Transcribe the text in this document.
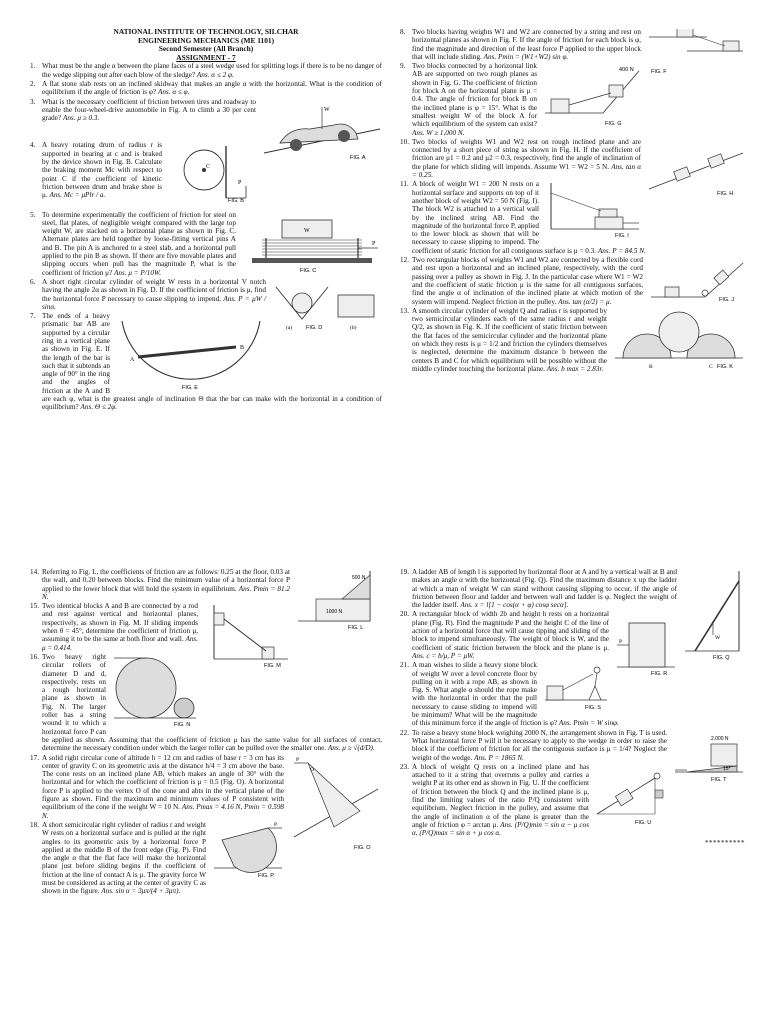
NATIONAL INSTITUTE OF TECHNOLOGY, SILCHAR
ENGINEERING MECHANICS (ME 1101)
Second Semester (All Branch)
ASSIGNMENT - 7
1. What must be the angle α between the plane faces of a steel wedge used for splitting logs if there is to be no danger of the wedge slipping out after each blow of the sledge? Ans. α ≤ 2 φ.
2. A flat stone slab rests on an inclined skidway that makes an angle α with the horizontal. What is the condition of equilibrium if the angle of friction is φ? Ans. α ≤ φ.
3.
W
FIG. A
What is the necessary coefficient of friction between tires and roadway to enable the four-wheel-drive automobile in Fig. A to climb a 30 per cent grade? Ans. μ ≥ 0.3.
4.
P
C
FIG. B
A heavy rotating drum of radius r is supported in bearing at c and is braked by the device shown in Fig. B. Calculate the braking moment Mc with respect to point C if the coefficient of kinetic friction between drum and brake shoe is μ. Ans. Mc = μPlr / a.
5.
W
P
FIG. C
To determine experimentally the coefficient of friction for steel on steel, flat plates, of negligible weight compared with the large top weight W, are stacked on a horizontal plane as shown in Fig. C. Alternate plates are held together by loose-fitting vertical pins A and B. The pin A is anchored to a steel slab, and a horizontal pull applied to the pin B as shown. If there are five movable plates and slipping occurs when pull has the magnitude P, what is the coefficient of friction μ? Ans. μ = P/10W.
6.
(a)	FIG. D	(b)
A short right circular cylinder of weight W rests in a horizontal V notch having the angle 2α as shown in Fig. D. If the coefficient of friction is μ, find the horizontal force P necessary to cause slipping to impend. Ans. P = μW / sinα.
7.
A
B
FIG. E
The ends of a heavy prismatic bar AB are supported by a circular ring in a vertical plane as shown in Fig. E. If the length of the bar is such that it subtends an angle of 90° in the ring and the angles of friction at the A and B are each φ, what is the greatest angle of inclination Θ that the bar can make with the horizontal in a condition of equilibrium? Ans. Θ ≤ 2φ.
8.
FIG. F
Two blocks having weights W1 and W2 are connected by a string and rest on horizontal planes as shown in Fig. F. If the angle of friction for each block is φ, find the magnitude and direction of the least force P applied to the upper block that will include sliding. Ans. Pmin = (W1+W2) sin φ.
9.	400 N
FIG. G
Two blocks connected by a horizontal link AB are supported on two rough planes as shown in Fig. G. The coefficient of friction for block A on the horizontal plane is μ = 0.4. The angle of friction for block B on the inclined plane is φ = 15°. What is the smallest weight W of the block A for which equilibrium of the system can exist? Ans. W ≥ 1,000 N.
10.
FIG. H
Two blocks of weights W1 and W2 rest on rough inclined plane and are connected by a short piece of string as shown in Fig. H. If the coefficient of friction are μ1 = 0.2 and μ2 = 0.3, respectively, find the angle of inclination of the plane for which sliding will impends. Assume W1 = W2 = 5 N. Ans. tan α = 0.25.
11.
FIG. I
A block of weight W1 = 200 N rests on a horizontal surface and supports on top of it another block of weight W2 = 50 N (Fig. I). The block W2 is attached to a vertical wall by the inclined string AB. Find the magnitude of the horizontal force P, applied to the lower block as shown that will be necessary to cause slipping to impend. The coefficient of static friction for all contiguous surface is μ = 0.3. Ans. P = 84.5 N.
12.
FIG. J
Two rectangular blocks of weights W1 and W2 are connected by a flexible cord and rest upon a horizontal and an inclined plane, respectively, with the cord passing over a pulley as shown in Fig. J. In the particular case where W1 = W2 and the coefficient of static friction μ is the same for all contiguous surfaces, find the angle α of inclination of the inclined plane at which motion of the system will impend. Neglect friction in the pulley. Ans. tan (α/2) = μ.
13.
B	C FIG. K
A smooth circular cylinder of weight Q and radius r is supported by two semicircular cylinders each of the same radius r and weight Q/2, as shown in Fig. K. If the coefficient of static friction between the flat faces of the semicircular cylinder and the horizontal plane on which they rests is μ = 1/2 and friction the cylinders themselves is neglected, determine the maximum distance b between the centers B and C for which equilibrium will be possible without the middle cylinder touching the horizontal plane. Ans. b max = 2.83r.
14.
500 N
1000 N
FIG. L
Referring to Fig. L, the coefficients of friction are as follows: 0.25 at the floor, 0.03 at the wall, and 0.20 between blocks. Find the minimum value of a horizontal force P applied to the lower block that will hold the system in equilibrium. Ans. Pmin = 81.2 N.
15.
FIG. M
Two identical blocks A and B are connected by a rod and rest against vertical and horizontal planes, respectively, as shown in Fig. M. If sliding impends when θ = 45°, determine the coefficient of friction μ, assuming it to be the same at both floor and wall. Ans. μ = 0.414.
16.
FIG. N
Two heavy right circular rollers of diameter D and d, respectively, rests on a rough horizontal plane as shown in Fig. N. The larger roller has a string wound it to which a horizontal force P can be applied as shown. Assuming that the coefficient of friction μ has the same value for all surfaces of contact, determine the necessary condition under which the larger roller can be pulled over the smaller one. Ans. μ ≥ √(d/D).
17.	P
O
FIG. O
A solid right circular cone of altitude h = 12 cm and radius of base r = 3 cm has its center of gravity C on its geometric axis at the distance h/4 = 3 cm above the base. The cone rests on an inclined plane AB, which makes an angle of 30° with the horizontal and for which the coefficient of friction is μ = 0.5 (Fig. O). A horizontal force P is applied to the vertex O of the cone and abts in the vertical plane of the figure as shown. Find the maximum and minimum values of P consistent with equilibrium of the cone if the weight W = 10 N. Ans. Pmax = 4.16 N, Pmin = 0.598 N.
18.	P
FIG. P
A short semicircular right cylinder of radius r and weight W rests on a horizontal surface and is pulled at the right angles to its geometric axis by a horizontal force P applied at the middle B of the front edge (Fig. P). Find the angle α that the flat face will make the horizontal plane just before sliding begins if the coefficient of friction at the line of contact A is μ. The gravity force W must be considered as acting at the center of gravity C as shown in the figure. Ans. sin α = 3μπ/(4 + 3μπ).
19.
W
FIG. Q
A ladder AB of length l is supported by horizontal floor at A and by a vertical wall at B and makes an angle α with the horizontal (Fig. Q). Find the maximum distance x up the ladder at which a man of weight W can stand without causing slipping to occur, if the angle of friction between floor and ladder and between wall and ladder is φ. Neglect the weight of the ladder itself. Ans. x = l[1 − cos(α + φ) cosφ secα].
20.
P
FIG. R
A rectangular block of width 2b and height h rests on a horizontal plane (Fig. R). Find the magnitude P and the height C of the line of action of a horizontal force that will cause tipping and sliding of the block to impend simultaneously. The weight of block is W, and the coefficient of static friction between the block and the plane is μ. Ans. c = b/μ, P = μW.
21.
FIG. S
A man wishes to slide a heavy stone block of weight W over a level concrete floor by pulling on it with a rope AB, as shown in Fig. S. What angle α should the rope make with the horizontal in order that the pull necessary to cause sliding to impend will be minimum? What will be the magnitude of this minimum force if the angle of friction is φ? Ans. Pmin = W sinφ.
22.
2,000 N
15°
FIG. T
To raise a heavy stone block weighing 2000 N, the arrangement shown in Fig. T is used. What horizontal force P will it be necessary to apply to the wedge in order to raise the block if the coefficient of friction for all the contiguous surface is μ = 1/4? Neglect the weight of the wedge. Ans. P = 1865 N.
23.
FIG. U
A block of weight Q rests on a inclined plane and has attached to it a string that overruns a pulley and carries a weight P at its other end as shown in Fig. U. If the coefficient of friction between the block Q and the inclined plane is μ, find the limiting values of the ratio P/Q consistent with equilibrium. Neglect friction in the pulley, and assume that the angle of inclination α of the plane is greater than the angle of friction φ = arctan μ. Ans. (P/Q)min = sin α − μ cos α, (P/Q)max = sin α + μ cos α.
**********
